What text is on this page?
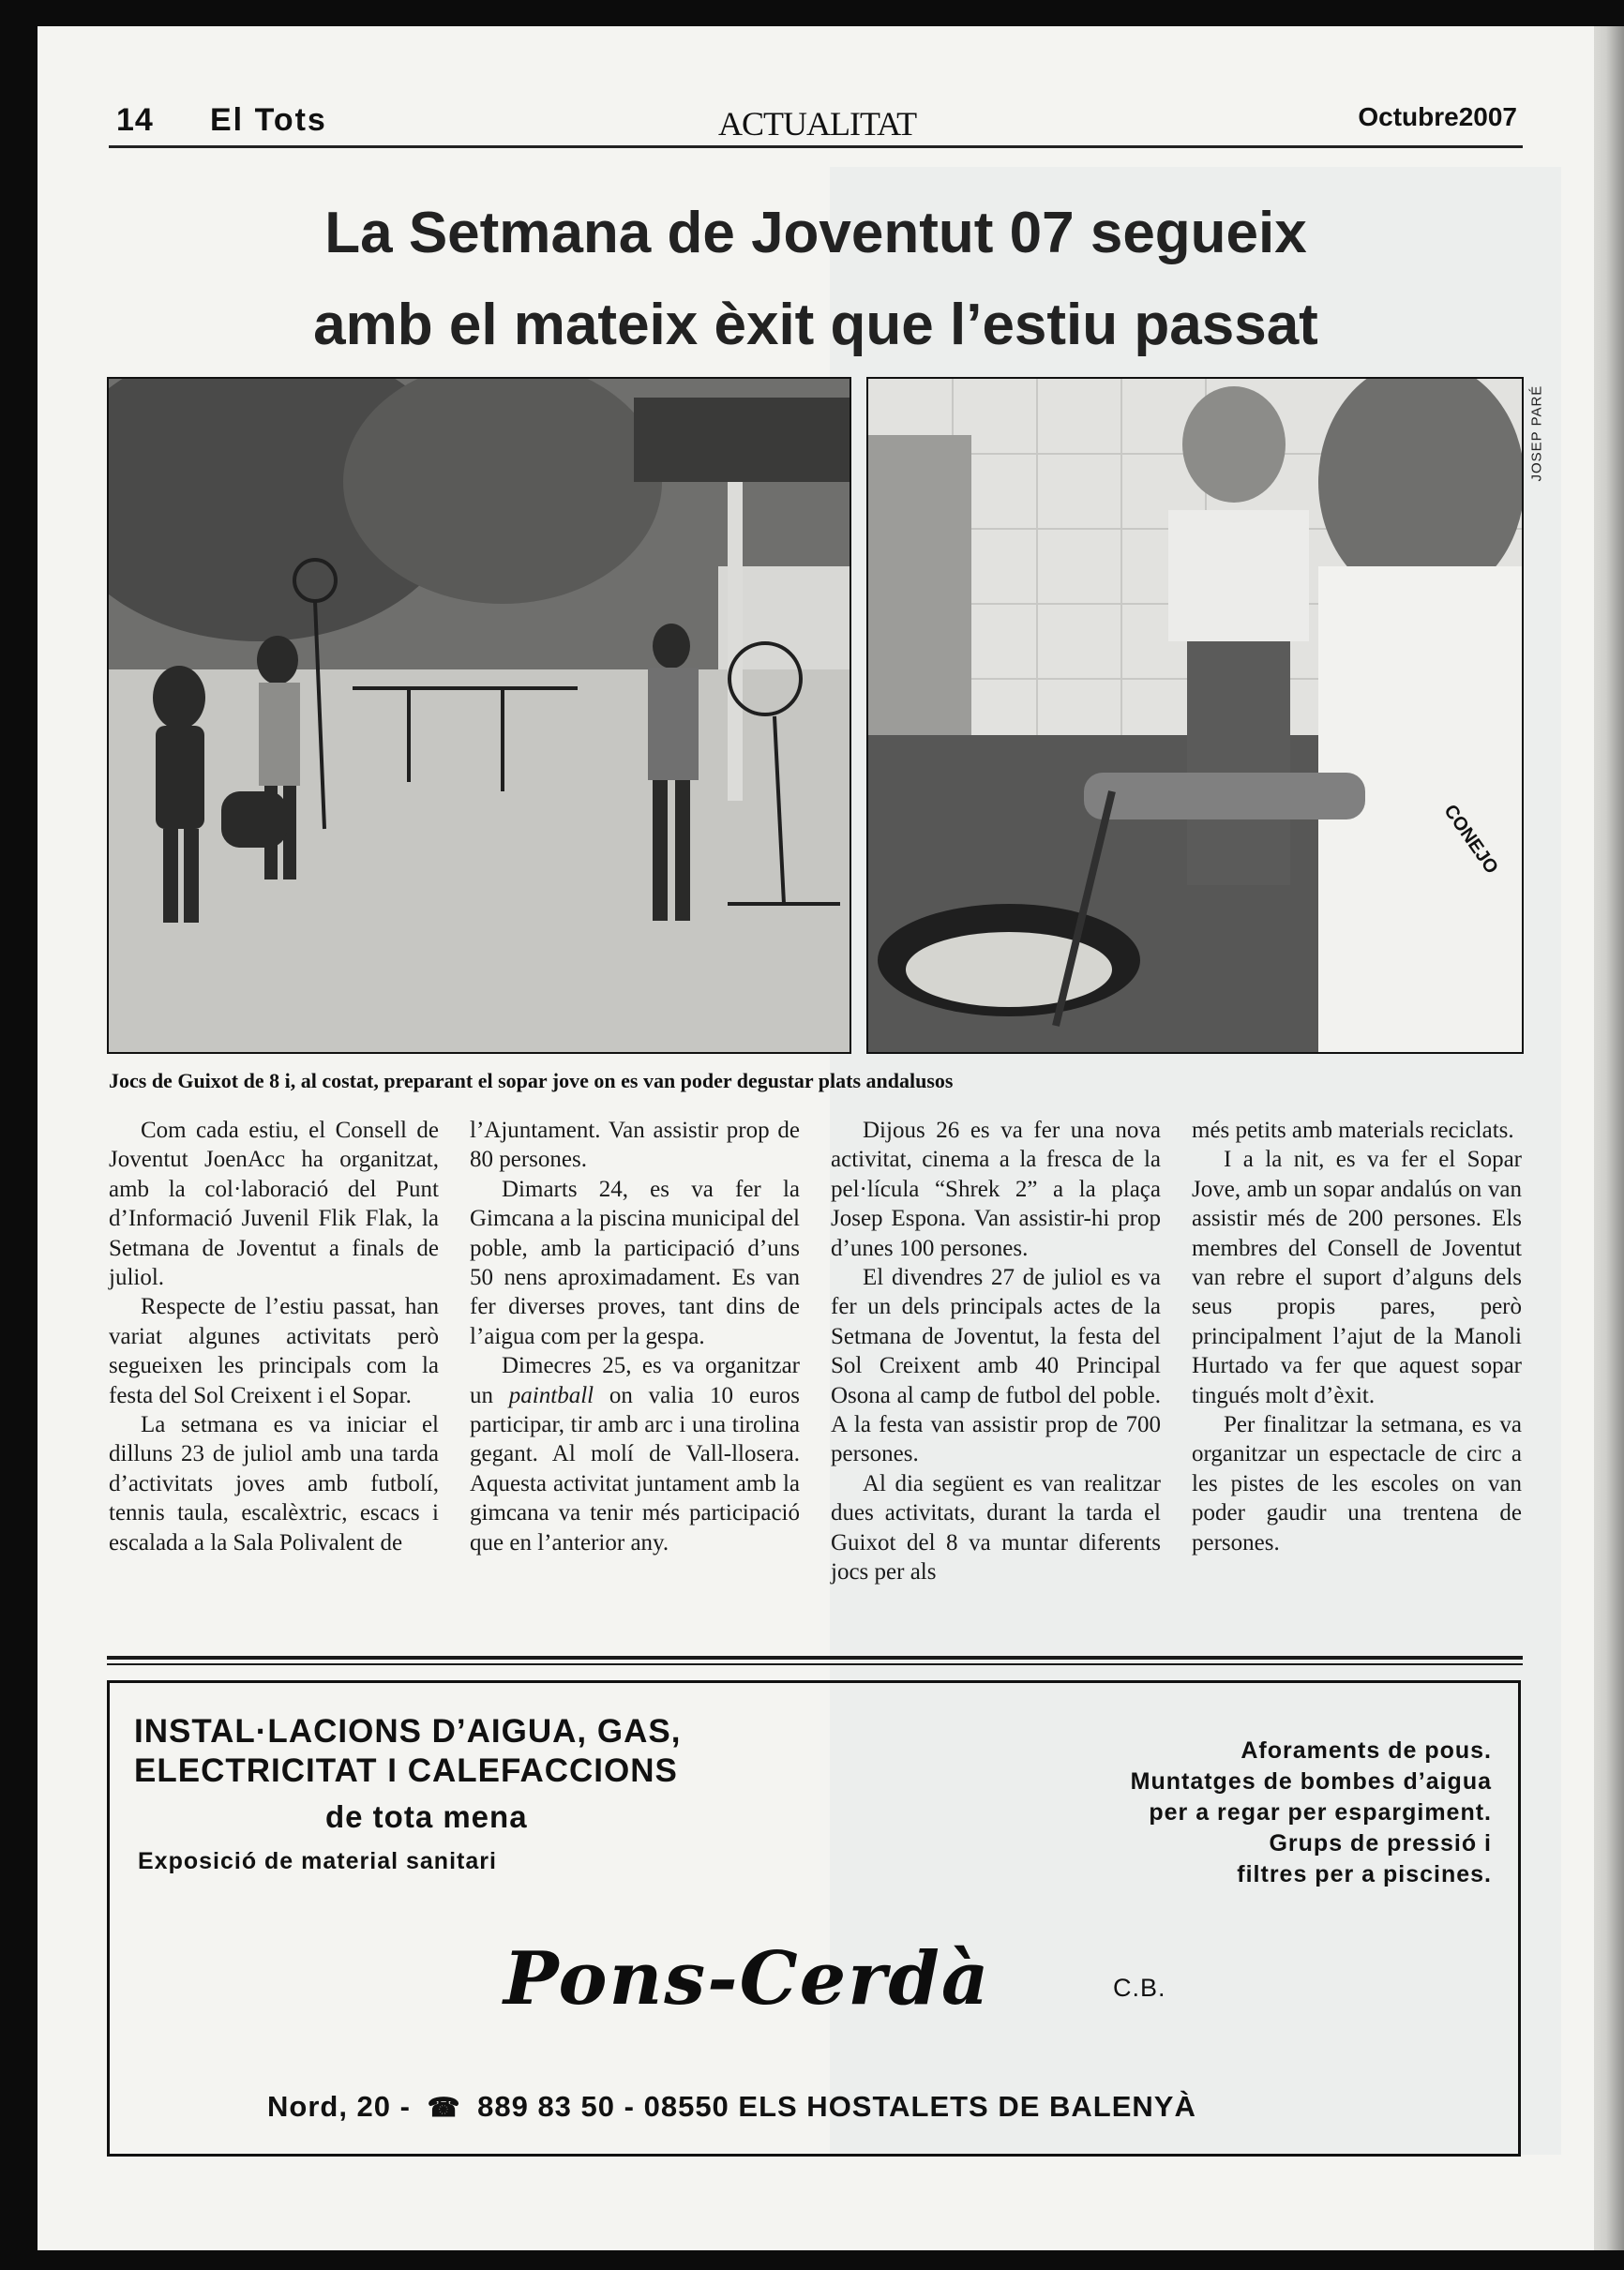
14 El Tots	ACTUALITAT	Octubre2007
La Setmana de Joventut 07 segueix
amb el mateix èxit que l’estiu passat
CONEJO
JOSEP PARÉ
Jocs de Guixot de 8 i, al costat, preparant el sopar jove on es van poder degustar plats andalusos

Com cada estiu, el Consell de Joventut JoenAcc ha organitzat, amb la col·laboració del Punt d’Informació Juvenil Flik Flak, la Setmana de Joventut a finals de juliol.

Respecte de l’estiu passat, han variat algunes activitats però segueixen les principals com la festa del Sol Creixent i el Sopar.

La setmana es va iniciar el dilluns 23 de juliol amb una tarda d’activitats joves amb futbolí, tennis taula, escalèxtric, escacs i escalada a la Sala Polivalent de

l’Ajuntament. Van assistir prop de 80 persones.

Dimarts 24, es va fer la Gimcana a la piscina municipal del poble, amb la participació d’uns 50 nens aproximadament. Es van fer diverses proves, tant dins de l’aigua com per la gespa.

Dimecres 25, es va organitzar un paintball on valia 10 euros participar, tir amb arc i una tirolina gegant. Al molí de Vall-llosera. Aquesta activitat juntament amb la gimcana va tenir més participació que en l’anterior any.

Dijous 26 es va fer una nova activitat, cinema a la fresca de la pel·lícula “Shrek 2” a la plaça Josep Espona. Van assistir-hi prop d’unes 100 persones.

El divendres 27 de juliol es va fer un dels principals actes de la Setmana de Joventut, la festa del Sol Creixent amb 40 Principal Osona al camp de futbol del poble. A la festa van assistir prop de 700 persones.

Al dia següent es van realitzar dues activitats, durant la tarda el Guixot del 8 va muntar diferents jocs per als

més petits amb materials reciclats.

I a la nit, es va fer el Sopar Jove, amb un sopar andalús on van assistir més de 200 persones. Els membres del Consell de Joventut van rebre el suport d’alguns dels seus propis pares, però principalment l’ajut de la Manoli Hurtado va fer que aquest sopar tingués molt d’èxit.

Per finalitzar la setmana, es va organitzar un espectacle de circ a les pistes de les escoles on van poder gaudir una trentena de persones.

INSTAL·LACIONS D’AIGUA, GAS,
ELECTRICITAT I CALEFACCIONS
de tota mena
Exposició de material sanitari
Aforaments de pous.
Muntatges de bombes d’aigua
per a regar per espargiment.
Grups de pressió i
filtres per a piscines.
Pons-Cerdà	C.B.
Nord, 20 - ☎ 889 83 50 - 08550 ELS HOSTALETS DE BALENYÀ
